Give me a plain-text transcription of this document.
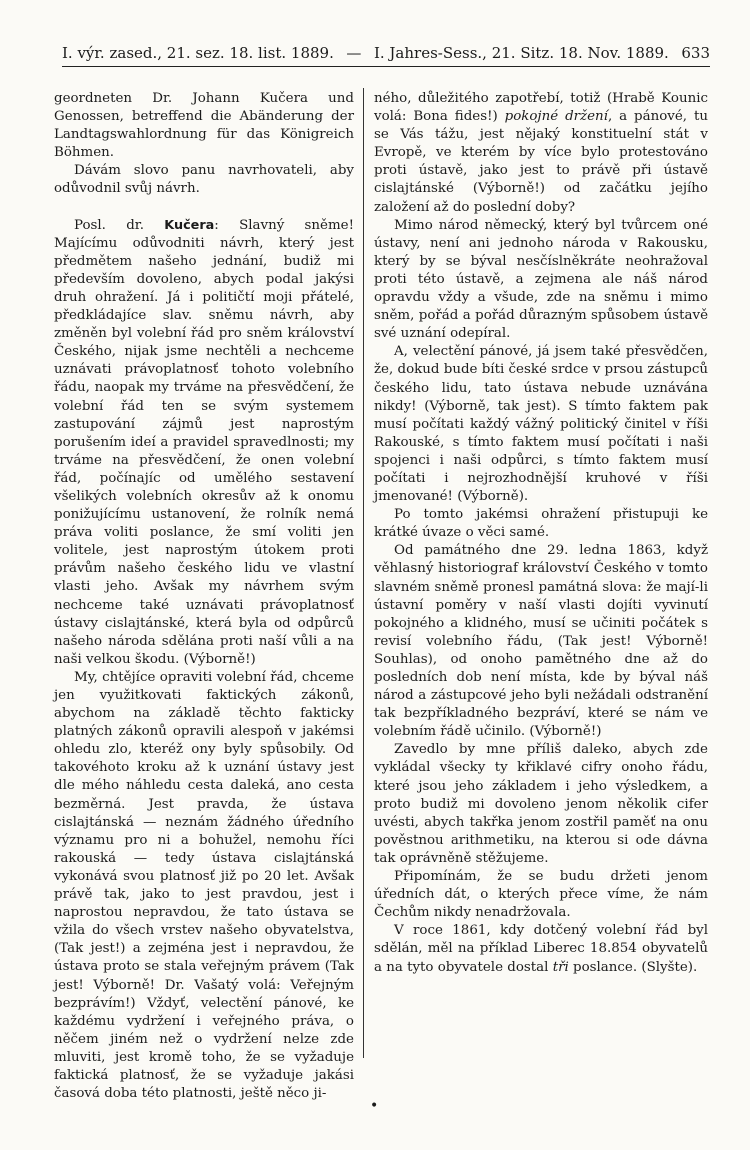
I. výr. zased., 21. sez. 18. list. 1889. — I. Jahres-Sess., 21. Sitz. 18. Nov. 1889. 633

geordneten Dr. Johann Kučera und Genossen, betreffend die Abänderung der Landtagswahlordnung für das Königreich Böhmen.

Dávám slovo panu navrhovateli, aby odůvodnil svůj návrh.

Posl. dr. Kučera: Slavný sněme! Majícímu odůvodniti návrh, který jest předmětem našeho jednání, budiž mi především dovoleno, abych podal jakýsi druh ohražení. Já i političtí moji přátelé, předkládajíce slav. sněmu návrh, aby změněn byl volební řád pro sněm království Českého, nijak jsme nechtěli a nechceme uznávati právoplatnosť tohoto volebního řádu, naopak my trváme na přesvědčení, že volební řád ten se svým systemem zastupování zájmů jest naprostým porušením ideí a pravidel spravedlnosti; my trváme na přesvědčení, že onen volební řád, počínajíc od umělého sestavení všelikých volebních okresův až k onomu ponižujícímu ustanovení, že rolník nemá práva voliti poslance, že smí voliti jen volitele, jest naprostým útokem proti právům našeho českého lidu ve vlastní vlasti jeho. Avšak my návrhem svým nechceme také uznávati právoplatnosť ústavy cislajtánské, která byla od odpůrců našeho národa sdělána proti naší vůli a na naši velkou škodu. (Výborně!)

My, chtějíce opraviti volební řád, chceme jen využitkovati faktických zákonů, abychom na základě těchto fakticky platných zákonů opravili alespoň v jakémsi ohledu zlo, kteréž ony byly spůsobily. Od takovéhoto kroku až k uznání ústavy jest dle mého náhledu cesta daleká, ano cesta bezměrná. Jest pravda, že ústava cislajtánská — neznám žádného úředního významu pro ni a bohužel, nemohu říci rakouská — tedy ústava cislajtánská vykonává svou platnosť již po 20 let. Avšak právě tak, jako to jest pravdou, jest i naprostou nepravdou, že tato ústava se vžila do všech vrstev našeho obyvatelstva, (Tak jest!) a zejména jest i nepravdou, že ústava proto se stala veřejným právem (Tak jest! Výborně! Dr. Vašatý volá: Veřejným bezprávím!) Vždyť, velectění pánové, ke každému vydržení i veřejného práva, o něčem jiném než o vydržení nelze zde mluviti, jest kromě toho, že se vyžaduje faktická platnosť, že se vyžaduje jakási časová doba této platnosti, ještě něco ji-

ného, důležitého zapotřebí, totiž (Hrabě Kounic volá: Bona fides!) pokojné držení, a pánové, tu se Vás tážu, jest nějaký konstituelní stát v Evropě, ve kterém by více bylo protestováno proti ústavě, jako jest to právě při ústavě cislajtánské (Výborně!) od začátku jejího založení až do poslední doby?

Mimo národ německý, který byl tvůrcem oné ústavy, není ani jednoho národa v Rakousku, který by se býval nesčíslněkráte neohražoval proti této ústavě, a zejmena ale náš národ opravdu vždy a všude, zde na sněmu i mimo sněm, pořád a pořád důrazným spůsobem ústavě své uznání odepíral.

A, velectění pánové, já jsem také přesvědčen, že, dokud bude bíti české srdce v prsou zástupců českého lidu, tato ústava nebude uznávána nikdy! (Výborně, tak jest). S tímto faktem pak musí počítati každý vážný politický činitel v říši Rakouské, s tímto faktem musí počítati i naši spojenci i naši odpůrci, s tímto faktem musí počítati i nejrozhodnější kruhové v říši jmenované! (Výborně).

Po tomto jakémsi ohražení přistupuji ke krátké úvaze o věci samé.

Od památného dne 29. ledna 1863, když věhlasný historiograf království Českého v tomto slavném sněmě pronesl památná slova: že mají-li ústavní poměry v naší vlasti dojíti vyvinutí pokojného a klidného, musí se učiniti počátek s revisí volebního řádu, (Tak jest! Výborně! Souhlas), od onoho pamětného dne až do posledních dob není místa, kde by býval náš národ a zástupcové jeho byli nežádali odstranění tak bezpříkladného bezpráví, které se nám ve volebním řádě učinilo. (Výborně!)

Zavedlo by mne příliš daleko, abych zde vykládal všecky ty křiklavé cifry onoho řádu, které jsou jeho základem i jeho výsledkem, a proto budiž mi dovoleno jenom několik cifer uvésti, abych takřka jenom zostřil paměť na onu pověstnou arithmetiku, na kterou si ode dávna tak oprávněně stěžujeme.

Připomínám, že se budu držeti jenom úředních dát, o kterých přece víme, že nám Čechům nikdy nenadržovala.

V roce 1861, kdy dotčený volební řád byl sdělán, měl na příklad Liberec 18.854 obyvatelů a na tyto obyvatele dostal tři poslance. (Slyšte).

•
